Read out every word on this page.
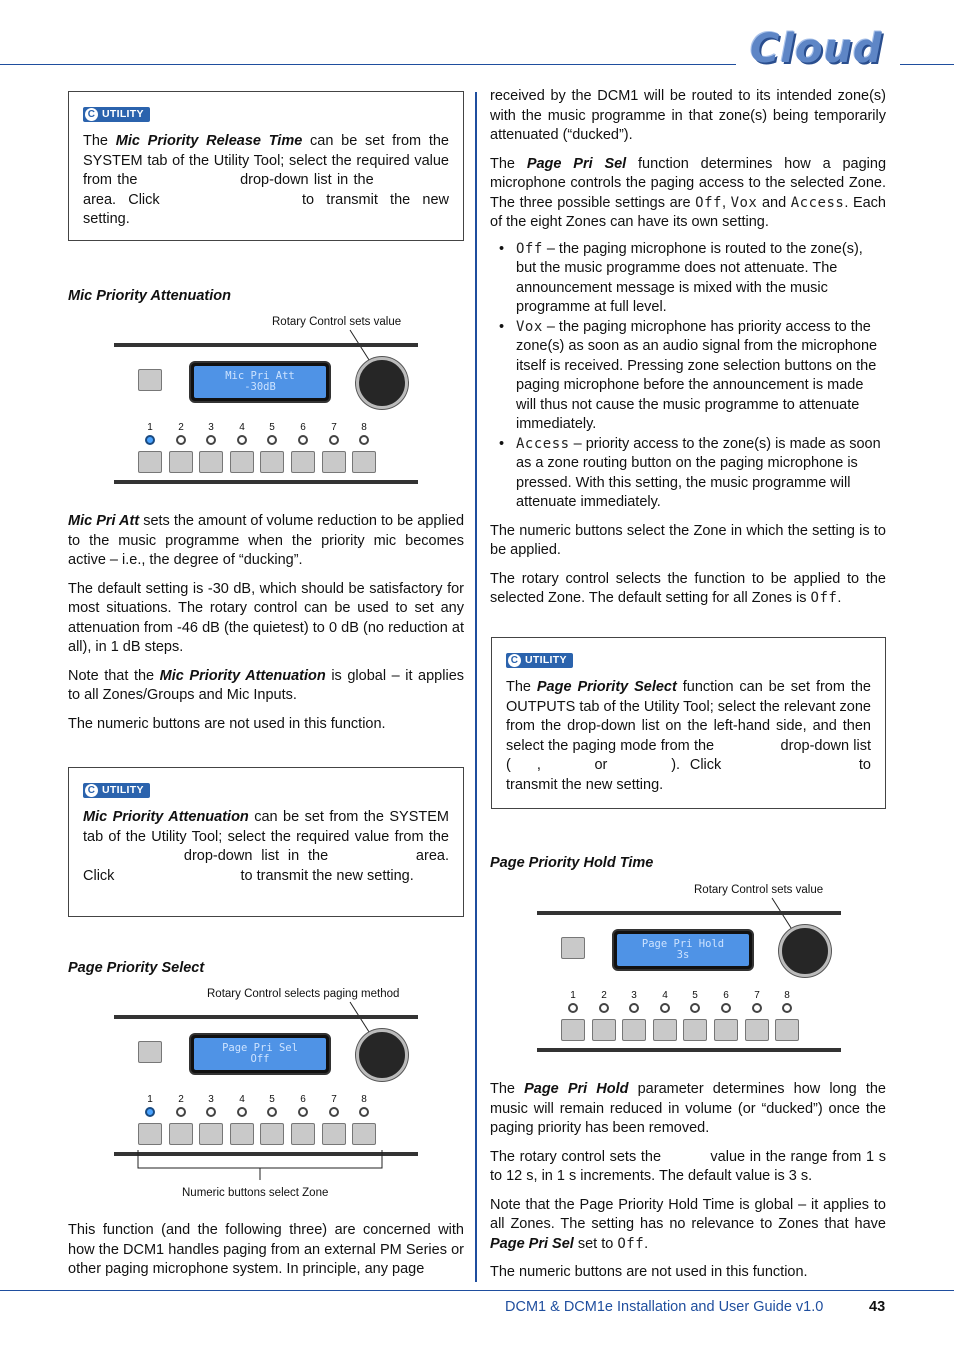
Cloud
C UTILITY

The Mic Priority Release Time can be set from the SYSTEM tab of the Utility Tool; select the required value from the	drop-down list in the  area. Click	to transmit the new setting.

Mic Priority Attenuation
Rotary Control sets value
Mic Pri Att
-30dB
1	2	3	4	5	6	7	8

Mic Pri Att sets the amount of volume reduction to be applied to the music programme when the priority mic becomes active – i.e., the degree of “ducking”.

The default setting is -30 dB, which should be satisfactory for most situations. The rotary control can be used to set any attenuation from -46 dB (the quietest) to 0 dB (no reduction at all), in 1 dB steps.

Note that the Mic Priority Attenuation is global – it applies to all Zones/Groups and Mic Inputs.

The numeric buttons are not used in this function.

C UTILITY

Mic Priority Attenuation can be set from the SYSTEM tab of the Utility Tool; select the required value from the  drop-down list in the	area. Click	to transmit the new setting.

Page Priority Select
Rotary Control selects paging method
Page Pri Sel
Off
1	2	3	4	5	6	7	8
Numeric buttons select Zone

This function (and the following three) are concerned with how the DCM1 handles paging from an external PM Series or other paging microphone system. In principle, any page

received by the DCM1 will be routed to its intended zone(s) with the music programme in that zone(s) being temporarily attenuated (“ducked”).

The Page Pri Sel function determines how a paging microphone controls the paging access to the selected Zone. The three possible settings are Off, Vox and Access. Each of the eight Zones can have its own setting.

• Off – the paging microphone is routed to the zone(s), but the music programme does not attenuate. The announcement message is mixed with the music programme at full level.
• Vox – the paging microphone has priority access to the zone(s) as soon as an audio signal from the microphone itself is received. Pressing zone selection buttons on the paging microphone before the announcement is made will thus not cause the music programme to attenuate immediately.
• Access – priority access to the zone(s) is made as soon as a zone routing button on the paging microphone is pressed. With this setting, the music programme will attenuate immediately.

The numeric buttons select the Zone in which the setting is to be applied.

The rotary control selects the function to be applied to the selected Zone. The default setting for all Zones is Off.

C UTILITY

The Page Priority Select function can be set from the OUTPUTS tab of the Utility Tool; select the relevant zone from the drop-down list on the left-hand side, and then select the paging mode from the	drop-down list ( ,  or	). Click	to transmit the new setting.

Page Priority Hold Time
Rotary Control sets value
Page Pri Hold
3s
1	2	3	4	5	6	7	8

The Page Pri Hold parameter determines how long the music will remain reduced in volume (or “ducked”) once the paging priority has been removed.

The rotary control sets the	value in the range from 1 s to 12 s, in 1 s increments. The default value is 3 s.

Note that the Page Priority Hold Time is global – it applies to all Zones. The setting has no relevance to Zones that have Page Pri Sel set to Off.

The numeric buttons are not used in this function.

DCM1 & DCM1e Installation and User Guide v1.0	43
